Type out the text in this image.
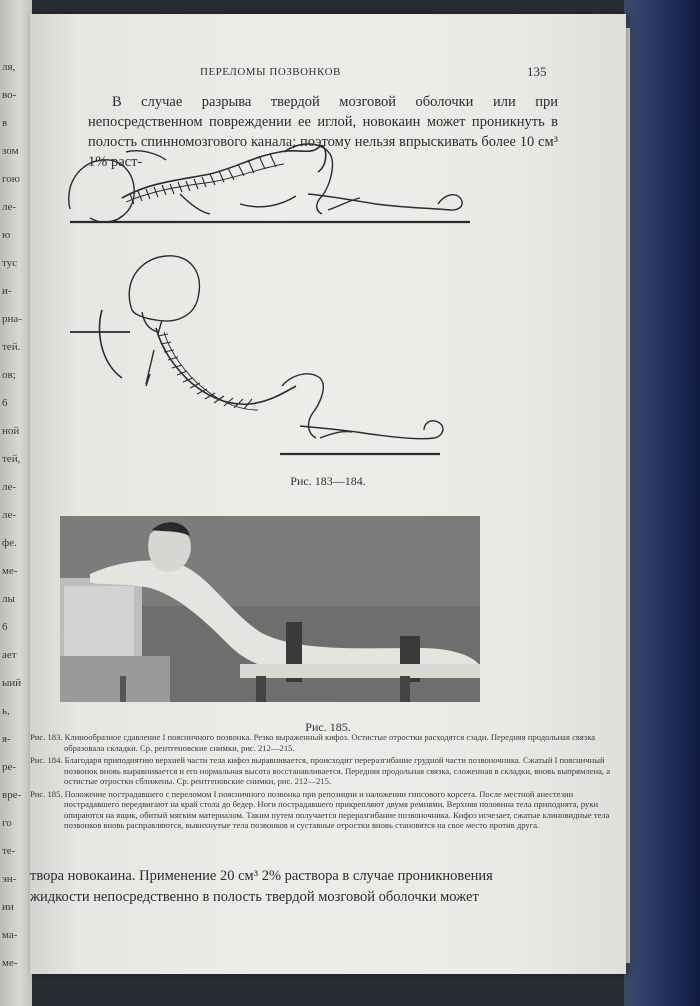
ля,
во-
в
зом
гою
ле-
ю
тус
и-
рна-
тей.
ов;
6
ной
тей,
ле-
ле-
фе.
ме-
лы
6
ает
ыий
ь,
я-
ре-
вре-
го
те-
эн-
ии
ма-
ме-
ПЕРЕЛОМЫ ПОЗВОНКОВ	135

В случае разрыва твердой мозговой оболочки или при непосредственном повреждении ее иглой, новокаин может проникнуть в полость спинномозгового канала; поэтому нельзя впрыскивать более 10 см³ 1% раст-

Рис. 183—184.
Рис. 185.

Рис. 183. Клинообразное сдавление I поясничного позвонка. Резко выраженный кифоз. Остистые отростки расходятся сзади. Передняя продольная связка образовала складки. Ср. рентгеновские снимки, рис. 212—215.

Рис. 184. Благодаря приподнятию верхней части тела кифоз выравнивается, происходит переразгибание грудной части позвоночника. Сжатый I поясничный позвонок вновь выравнивается и его нормальная высота восстанавливается. Передняя продольная связка, сложенная в складки, вновь выпрямлена, а остистые отростки сближены. Ср. рентгеновские снимки, рис. 212—215.

Рис. 185. Положение пострадавшего с переломом I поясничного позвонка при репозиции и наложении гипсового корсета. После местной анестезии пострадавшего передвигают на край стола до бедер. Ноги пострадавшего прикрепляют двумя ремнями. Верхняя половина тела приподнята, руки опираются на ящик, обитый мягким материалом. Таким путем получается переразгибание позвоночника. Кифоз исчезает, сжатые клиновидные тела позвонков вновь расправляются, вывихнутые тела позвонков и суставные отростки вновь становятся на свое место против друга.

твора новокаина. Применение 20 см³ 2% раствора в случае проникновения

жидкости непосредственно в полость твердой мозговой оболочки может
